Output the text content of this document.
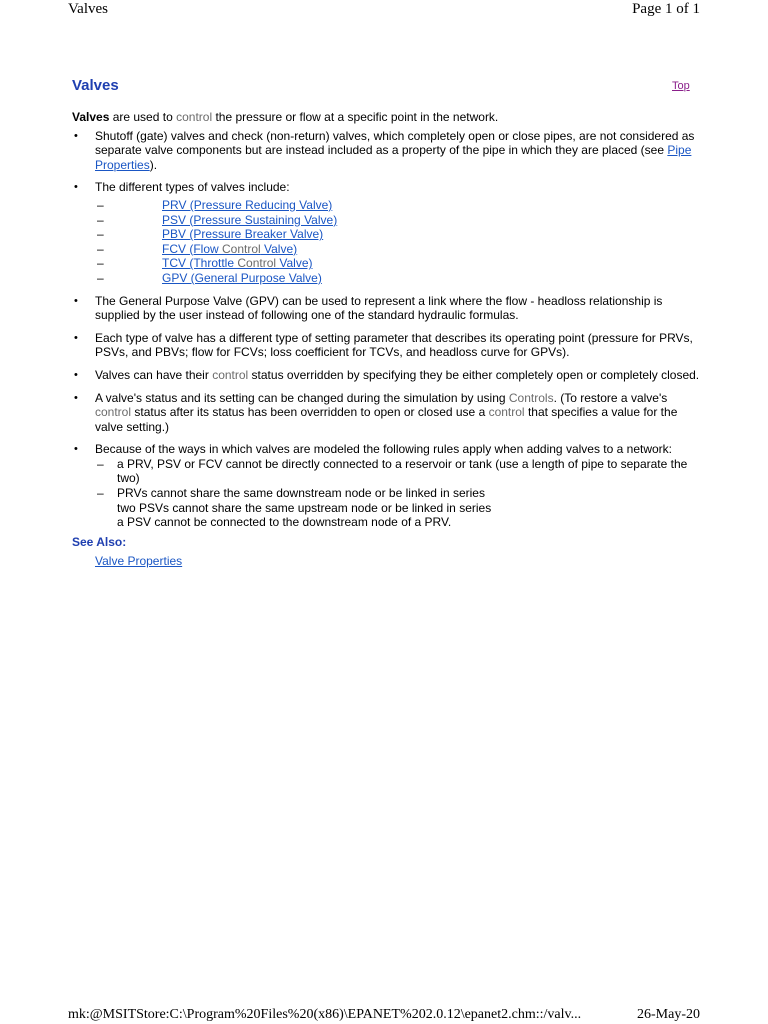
Valves	Page 1 of 1
Valves	Top

Valves are used to control the pressure or flow at a specific point in the network.

• Shutoff (gate) valves and check (non-return) valves, which completely open or close pipes, are not considered as separate valve components but are instead included as a property of the pipe in which they are placed (see Pipe Properties).
• The different types of valves include:
– PRV (Pressure Reducing Valve)
– PSV (Pressure Sustaining Valve)
– PBV (Pressure Breaker Valve)
– FCV (Flow Control Valve)
– TCV (Throttle Control Valve)
– GPV (General Purpose Valve)
• The General Purpose Valve (GPV) can be used to represent a link where the flow - headloss relationship is supplied by the user instead of following one of the standard hydraulic formulas.
• Each type of valve has a different type of setting parameter that describes its operating point (pressure for PRVs, PSVs, and PBVs; flow for FCVs; loss coefficient for TCVs, and headloss curve for GPVs).
• Valves can have their control status overridden by specifying they be either completely open or completely closed.
• A valve's status and its setting can be changed during the simulation by using Controls. (To restore a valve's control status after its status has been overridden to open or closed use a control that specifies a value for the valve setting.)
• Because of the ways in which valves are modeled the following rules apply when adding valves to a network:
– a PRV, PSV or FCV cannot be directly connected to a reservoir or tank (use a length of pipe to separate the two)
– PRVs cannot share the same downstream node or be linked in series
two PSVs cannot share the same upstream node or be linked in series
a PSV cannot be connected to the downstream node of a PRV.
See Also:
Valve Properties
mk:@MSITStore:C:\Program%20Files%20(x86)\EPANET%202.0.12\epanet2.chm::/valv...	26-May-20
